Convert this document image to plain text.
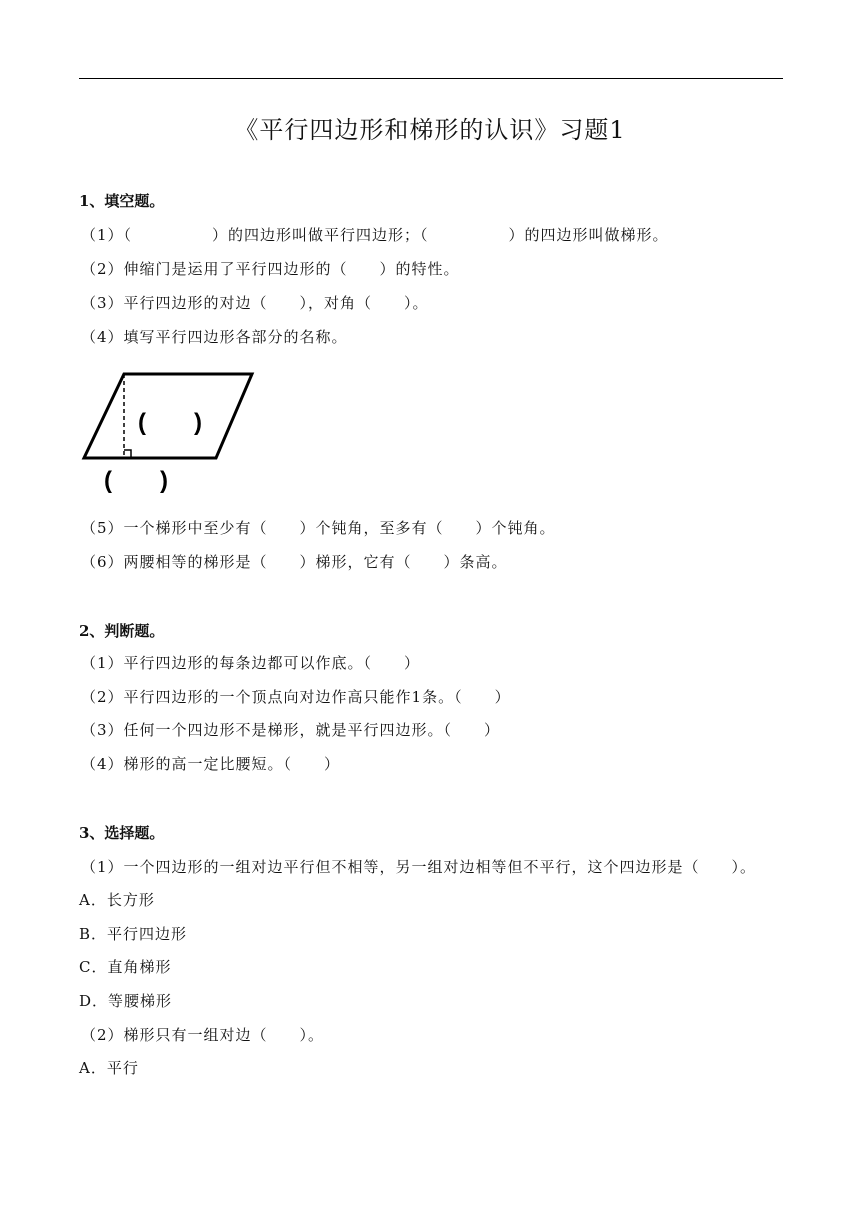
《平行四边形和梯形的认识》习题1
1、填空题。
（1）（　　　　　）的四边形叫做平行四边形；（　　　　　）的四边形叫做梯形。
（2）伸缩门是运用了平行四边形的（　　）的特性。
（3）平行四边形的对边（　　），对角（　　）。
（4）填写平行四边形各部分的名称。
(　　)
(　　)
（5）一个梯形中至少有（　　）个钝角，至多有（　　）个钝角。
（6）两腰相等的梯形是（　　）梯形，它有（　　）条高。
2、判断题。
（1）平行四边形的每条边都可以作底。（　　）
（2）平行四边形的一个顶点向对边作高只能作1条。（　　）
（3）任何一个四边形不是梯形，就是平行四边形。（　　）
（4）梯形的高一定比腰短。（　　）
3、选择题。
（1）一个四边形的一组对边平行但不相等，另一组对边相等但不平行，这个四边形是（　　）。
A．长方形
B．平行四边形
C．直角梯形
D．等腰梯形
（2）梯形只有一组对边（　　）。
A．平行
